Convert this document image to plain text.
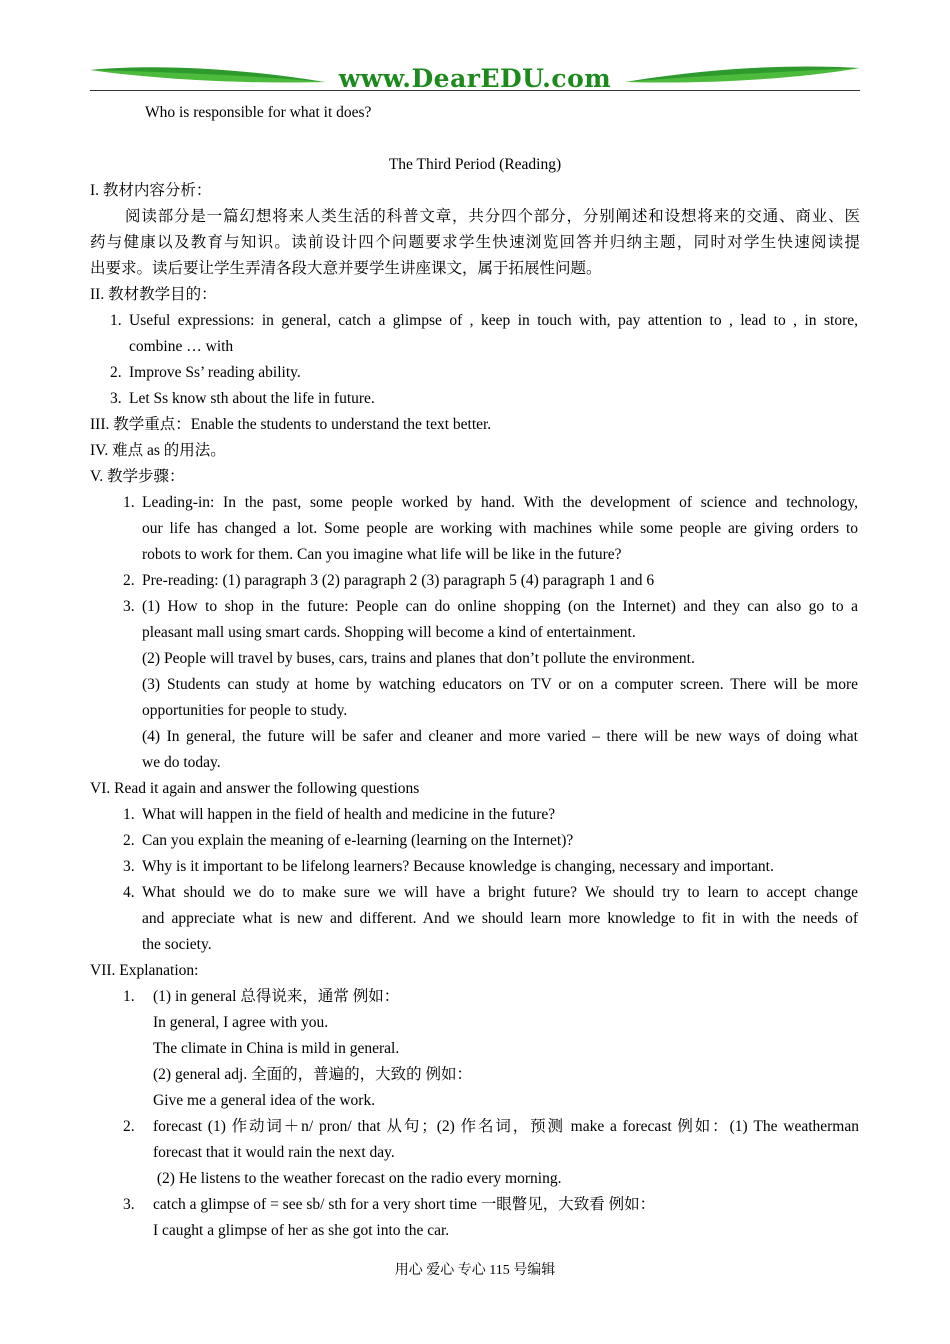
www.DearEDU.com
Who is responsible for what it does?
The Third Period (Reading)
I. 教材内容分析：
阅读部分是一篇幻想将来人类生活的科普文章，共分四个部分，分别阐述和设想将来的交通、商业、医
药与健康以及教育与知识。读前设计四个问题要求学生快速浏览回答并归纳主题，同时对学生快速阅读提
出要求。读后要让学生弄清各段大意并要学生讲座课文，属于拓展性问题。
II. 教材教学目的：
1. Useful expressions: in general, catch a glimpse of , keep in touch with, pay attention to , lead to , in store,
combine … with
2. Improve Ss’ reading ability.
3. Let Ss know sth about the life in future.
III. 教学重点：Enable the students to understand the text better.
IV. 难点 as 的用法。
V. 教学步骤：
1. Leading-in: In the past, some people worked by hand. With the development of science and technology,
our life has changed a lot. Some people are working with machines while some people are giving orders to
robots to work for them. Can you imagine what life will be like in the future?
2. Pre-reading: (1) paragraph 3 (2) paragraph 2 (3) paragraph 5 (4) paragraph 1 and 6
3. (1) How to shop in the future: People can do online shopping (on the Internet) and they can also go to a
pleasant mall using smart cards. Shopping will become a kind of entertainment.
(2) People will travel by buses, cars, trains and planes that don’t pollute the environment.
(3) Students can study at home by watching educators on TV or on a computer screen. There will be more
opportunities for people to study.
(4) In general, the future will be safer and cleaner and more varied – there will be new ways of doing what
we do today.
VI. Read it again and answer the following questions
1. What will happen in the field of health and medicine in the future?
2. Can you explain the meaning of e-learning (learning on the Internet)?
3. Why is it important to be lifelong learners? Because knowledge is changing, necessary and important.
4. What should we do to make sure we will have a bright future? We should try to learn to accept change
and appreciate what is new and different. And we should learn more knowledge to fit in with the needs of
the society.
VII. Explanation:
1. (1) in general 总得说来，通常 例如：
In general, I agree with you.
The climate in China is mild in general.
(2) general adj. 全面的，普遍的，大致的 例如：
Give me a general idea of the work.
2. forecast (1) 作动词＋n/ pron/ that 从句；(2) 作名词，预测 make a forecast 例如：(1) The weatherman
forecast that it would rain the next day.
(2) He listens to the weather forecast on the radio every morning.
3. catch a glimpse of = see sb/ sth for a very short time 一眼瞥见，大致看 例如：
I caught a glimpse of her as she got into the car.
用心 爱心 专心 115 号编辑
